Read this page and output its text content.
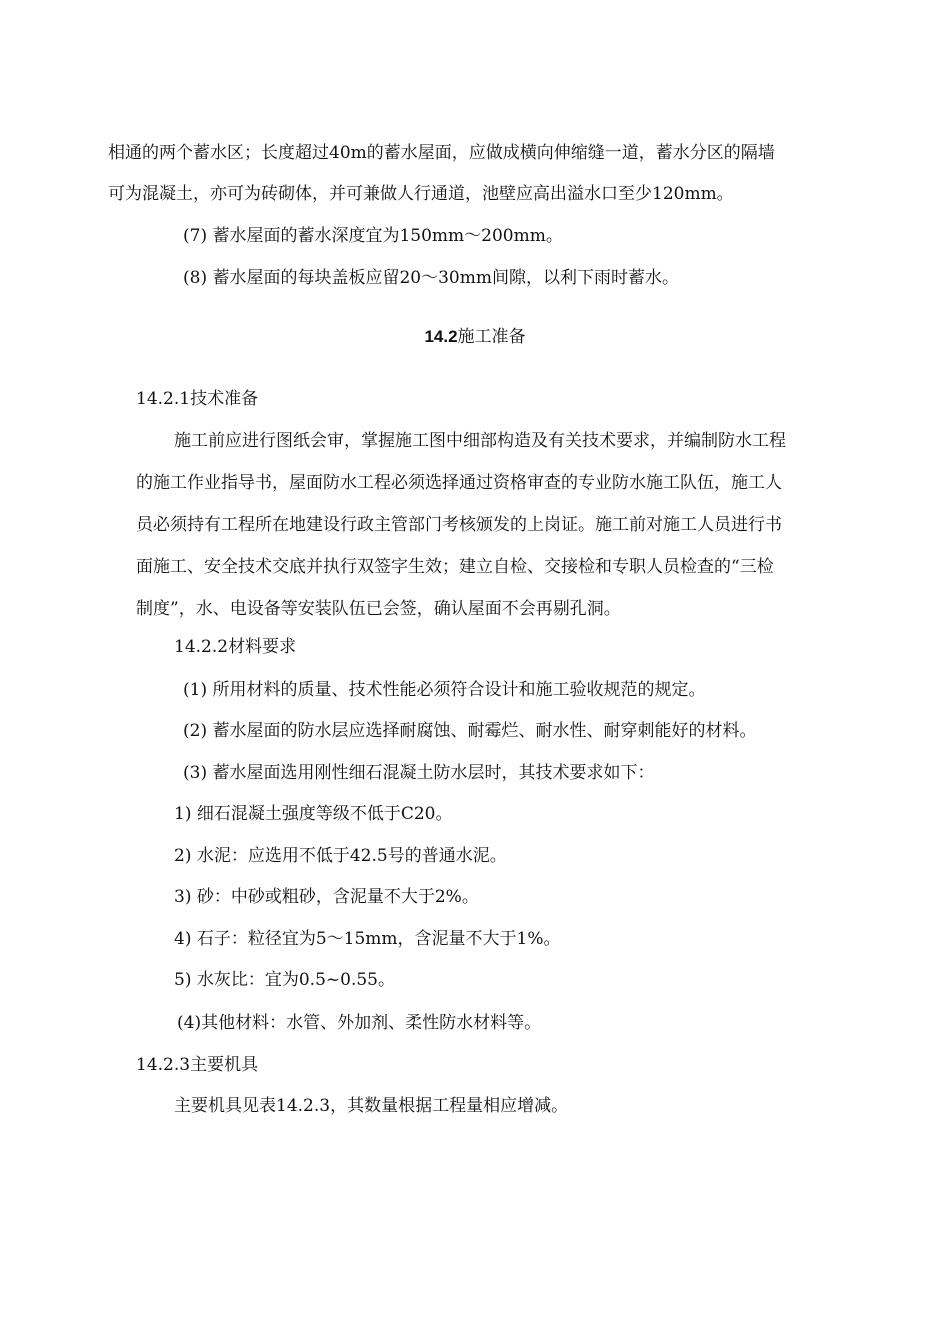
相通的两个蓄水区；长度超过40m的蓄水屋面，应做成横向伸缩缝一道，蓄水分区的隔墙

可为混凝土，亦可为砖砌体，并可兼做人行通道，池壁应高出溢水口至少120mm。

(7) 蓄水屋面的蓄水深度宜为150mm～200mm。

(8) 蓄水屋面的每块盖板应留20～30mm间隙，以利下雨时蓄水。

14.2施工准备

14.2.1技术准备

施工前应进行图纸会审，掌握施工图中细部构造及有关技术要求，并编制防水工程

的施工作业指导书，屋面防水工程必须选择通过资格审查的专业防水施工队伍，施工人

员必须持有工程所在地建设行政主管部门考核颁发的上岗证。施工前对施工人员进行书

面施工、安全技术交底并执行双签字生效；建立自检、交接检和专职人员检查的“三检

制度”，水、电设备等安装队伍已会签，确认屋面不会再剔孔洞。

14.2.2材料要求

(1) 所用材料的质量、技术性能必须符合设计和施工验收规范的规定。

(2) 蓄水屋面的防水层应选择耐腐蚀、耐霉烂、耐水性、耐穿刺能好的材料。

(3) 蓄水屋面选用刚性细石混凝土防水层时，其技术要求如下：

1) 细石混凝土强度等级不低于C20。

2) 水泥：应选用不低于42.5号的普通水泥。

3) 砂：中砂或粗砂，含泥量不大于2%。

4) 石子：粒径宜为5～15mm，含泥量不大于1%。

5) 水灰比：宜为0.5~0.55。

(4)其他材料：水管、外加剂、柔性防水材料等。

14.2.3主要机具

主要机具见表14.2.3，其数量根据工程量相应增减。
